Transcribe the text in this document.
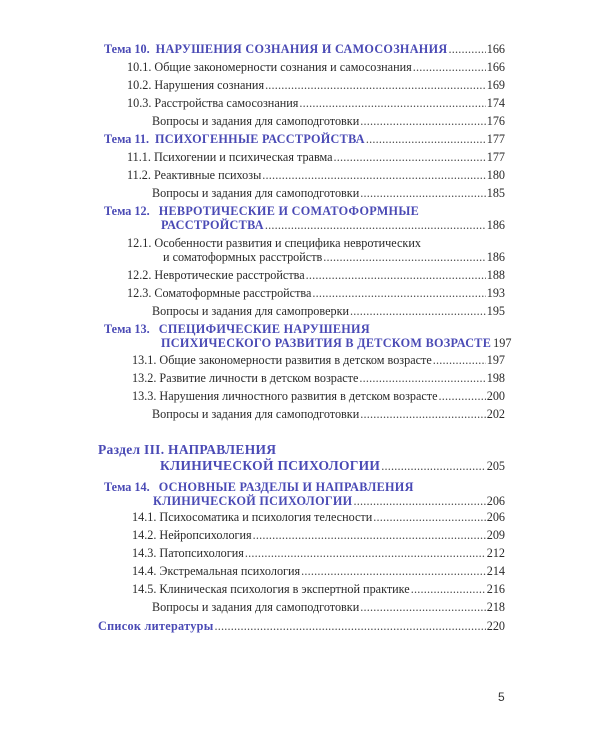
Тема 10. НАРУШЕНИЯ СОЗНАНИЯ И САМОСОЗНАНИЯ .....	166
10.1. Общие закономерности сознания и самосознания .....	166
10.2. Нарушения сознания .....	169
10.3. Расстройства самосознания .....	174
Вопросы и задания для самоподготовки .....	176
Тема 11. ПСИХОГЕННЫЕ РАССТРОЙСТВА .....	177
11.1. Психогении и психическая травма .....	177
11.2. Реактивные психозы .....	180
Вопросы и задания для самоподготовки .....	185
Тема 12. НЕВРОТИЧЕСКИЕ И СОМАТОФОРМНЫЕ
РАССТРОЙСТВА .....	186
12.1. Особенности развития и специфика невротических
и соматоформных расстройств .....	186
12.2. Невротические расстройства .....	188
12.3. Соматоформные расстройства .....	193
Вопросы и задания для самопроверки .....	195
Тема 13. СПЕЦИФИЧЕСКИЕ НАРУШЕНИЯ
ПСИХИЧЕСКОГО РАЗВИТИЯ В ДЕТСКОМ ВОЗРАСТЕ 197
13.1. Общие закономерности развития в детском возрасте .....	197
13.2. Развитие личности в детском возрасте .....	198
13.3. Нарушения личностного развития в детском возрасте .....	200
Вопросы и задания для самоподготовки .....	202
Раздел III. НАПРАВЛЕНИЯ
КЛИНИЧЕСКОЙ ПСИХОЛОГИИ .....	205
Тема 14. ОСНОВНЫЕ РАЗДЕЛЫ И НАПРАВЛЕНИЯ
КЛИНИЧЕСКОЙ ПСИХОЛОГИИ .....	206
14.1. Психосоматика и психология телесности .....	206
14.2. Нейропсихология .....	209
14.3. Патопсихология .....	212
14.4. Экстремальная психология .....	214
14.5. Клиническая психология в экспертной практике .....	216
Вопросы и задания для самоподготовки .....	218
Список литературы .....	220
5
